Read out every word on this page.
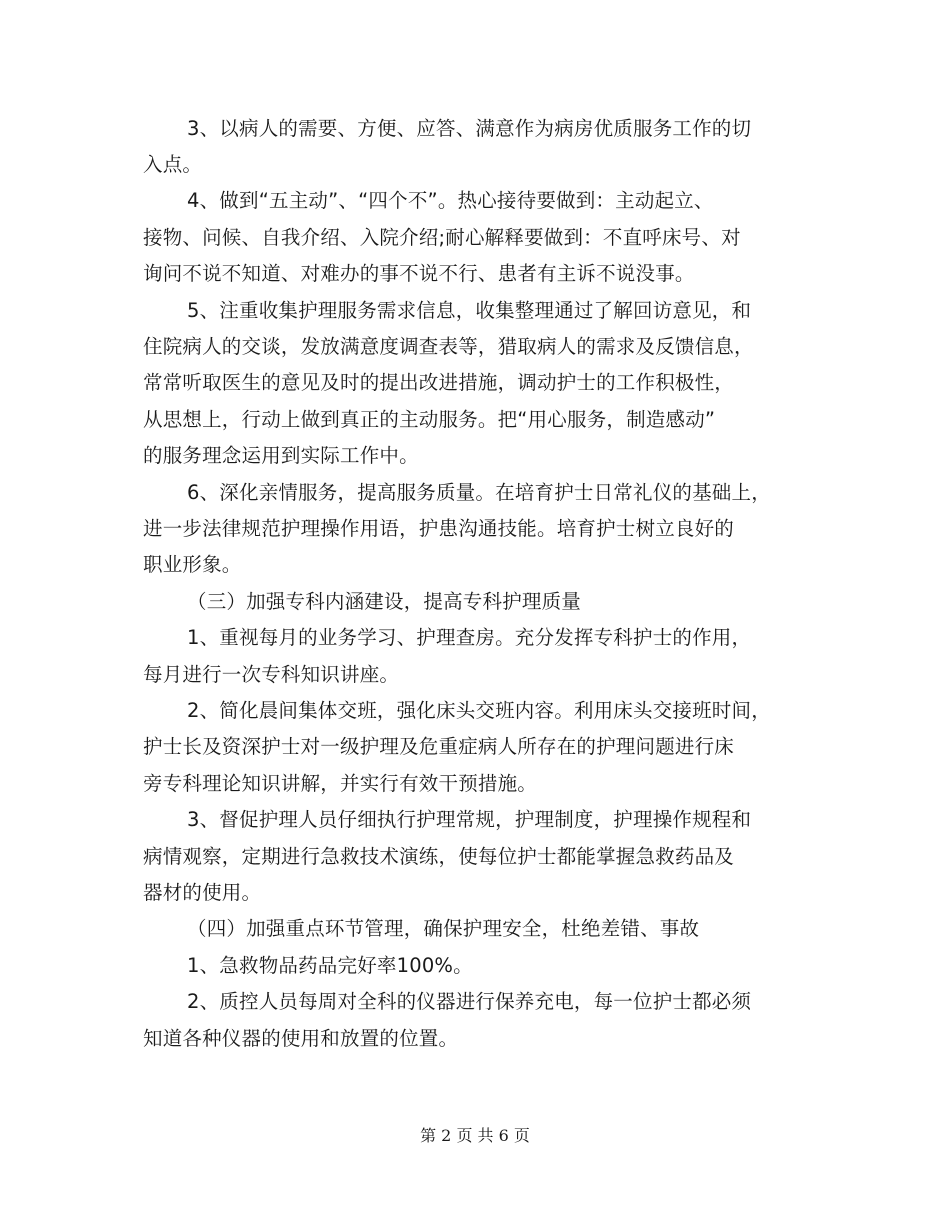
3、以病人的需要、方便、应答、满意作为病房优质服务工作的切
入点。
4、做到“五主动”、“四个不”。热心接待要做到：主动起立、
接物、问候、自我介绍、入院介绍;耐心解释要做到：不直呼床号、对
询问不说不知道、对难办的事不说不行、患者有主诉不说没事。
5、注重收集护理服务需求信息，收集整理通过了解回访意见，和
住院病人的交谈，发放满意度调查表等，猎取病人的需求及反馈信息，
常常听取医生的意见及时的提出改进措施，调动护士的工作积极性，
从思想上，行动上做到真正的主动服务。把“用心服务，制造感动”
的服务理念运用到实际工作中。
6、深化亲情服务，提高服务质量。在培育护士日常礼仪的基础上，
进一步法律规范护理操作用语，护患沟通技能。培育护士树立良好的
职业形象。
（三）加强专科内涵建设，提高专科护理质量
1、重视每月的业务学习、护理查房。充分发挥专科护士的作用，
每月进行一次专科知识讲座。
2、简化晨间集体交班，强化床头交班内容。利用床头交接班时间，
护士长及资深护士对一级护理及危重症病人所存在的护理问题进行床
旁专科理论知识讲解，并实行有效干预措施。
3、督促护理人员仔细执行护理常规，护理制度，护理操作规程和
病情观察，定期进行急救技术演练，使每位护士都能掌握急救药品及
器材的使用。
（四）加强重点环节管理，确保护理安全，杜绝差错、事故
1、急救物品药品完好率100%。
2、质控人员每周对全科的仪器进行保养充电，每一位护士都必须
知道各种仪器的使用和放置的位置。
第 2 页 共 6 页
